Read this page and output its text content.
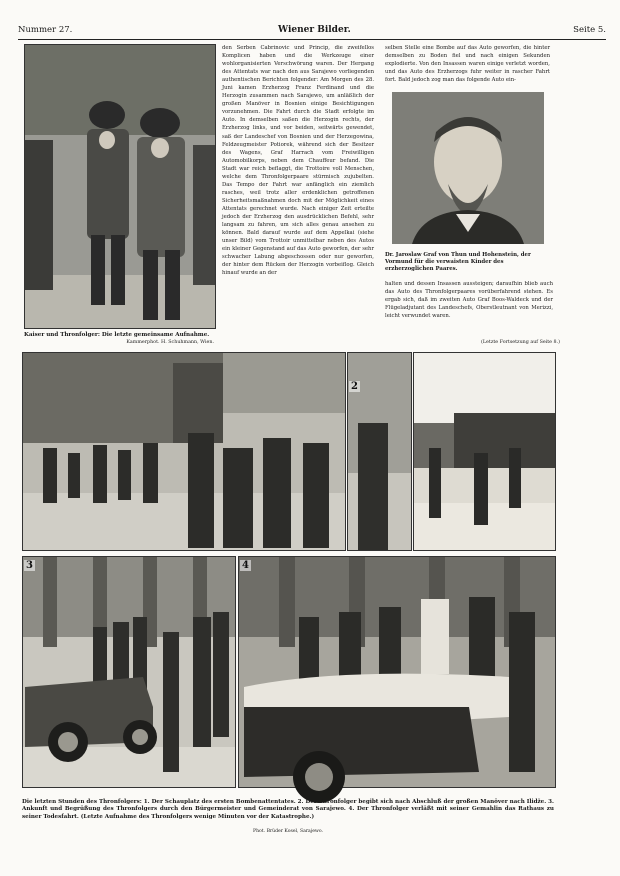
Nummer 27.	Wiener Bilder.	Seite 5.
Kaiser und Thronfolger: Die letzte gemeinsame Aufnahme.
Kammerphot. H. Schuhmann, Wien.
den Serben Cabrinovic und Princip, die zweifellos Komplicen haben und die Werkzeuge einer wohlorganisierten Verschwörung waren. Der Hergang des Attentats war nach den aus Sarajewo vorliegenden authentischen Berichten folgender: Am Morgen des 28. Juni kamen Erzherzog Franz Ferdinand und die Herzogin zusammen nach Sarajewo, um anläßlich der großen Manöver in Bosnien einige Besichtigungen vorzunehmen. Die Fahrt durch die Stadt erfolgte im Auto. In demselben saßen die Herzogin rechts, der Erzherzog links, und vor beiden, seitwärts gewendet, saß der Landeschef von Bosnien und der Herzegowina, Feldzeugmeister Potiorek, während sich der Besitzer des Wagens, Graf Harrach vom Freiwilligen Automobilkorps, neben dem Chauffeur befand. Die Stadt war reich beflaggt, die Trottoire voll Menschen, welche dem Thronfolgerpaare stürmisch zujubelten. Das Tempo der Fahrt war anfänglich ein ziemlich rasches, weil trotz aller erdenklichen getroffenen Sicherheitsmaßnahmen doch mit der Möglichkeit eines Attentats gerechnet wurde. Nach einiger Zeit erteilte jedoch der Erzherzog den ausdrücklichen Befehl, sehr langsam zu fahren, um sich alles genau ansehen zu können. Bald darauf wurde auf dem Appelkai (siehe unser Bild) vom Trottoir unmittelbar neben des Autos ein kleiner Gegenstand auf das Auto geworfen, der sehr schwacher Labung abgeschossen oder nur geworfen, der hinter dem Rücken der Herzogin vorbeiflog. Gleich hinauf wurde an der
selben Stelle eine Bombe auf das Auto geworfen, die hinter demselben zu Boden fiel und nach einigen Sekunden explodierte. Von den Insassen waren einige verletzt worden, und das Auto des Erzherzogs fuhr weiter in rascher Fahrt fort. Bald jedoch zog man das folgende Auto ein-
Dr. Jaroslaw Graf von Thun und Hohenstein, der Vormund für die verwaisten Kinder des erzherzoglichen Paares.
halten und dessen Insassen aussteigen; daraufhin blieb auch das Auto des Thronfolgerpaares vorüberfahrend stehen. Es ergab sich, daß im zweiten Auto Graf Boos-Waldeck und der Flügeladjutant des Landeschefs, Oberstleutnant von Merizzi, leicht verwundet waren.
(Letzte Fortsetzung auf Seite 8.)
2
3	4
Die letzten Stunden des Thronfolgers: 1. Der Schauplatz des ersten Bombenattentates. 2. Der Thronfolger begibt sich nach Abschluß der großen Manöver nach Ilidže. 3. Ankunft und Begrüßung des Thronfolgers durch den Bürgermeister und Gemeinderat von Sarajewo. 4. Der Thronfolger verläßt mit seiner Gemahlin das Rathaus zu seiner Todesfahrt. (Letzte Aufnahme des Thronfolgers wenige Minuten vor der Katastrophe.)
Phot. Brüder Kosel, Sarajewo.
